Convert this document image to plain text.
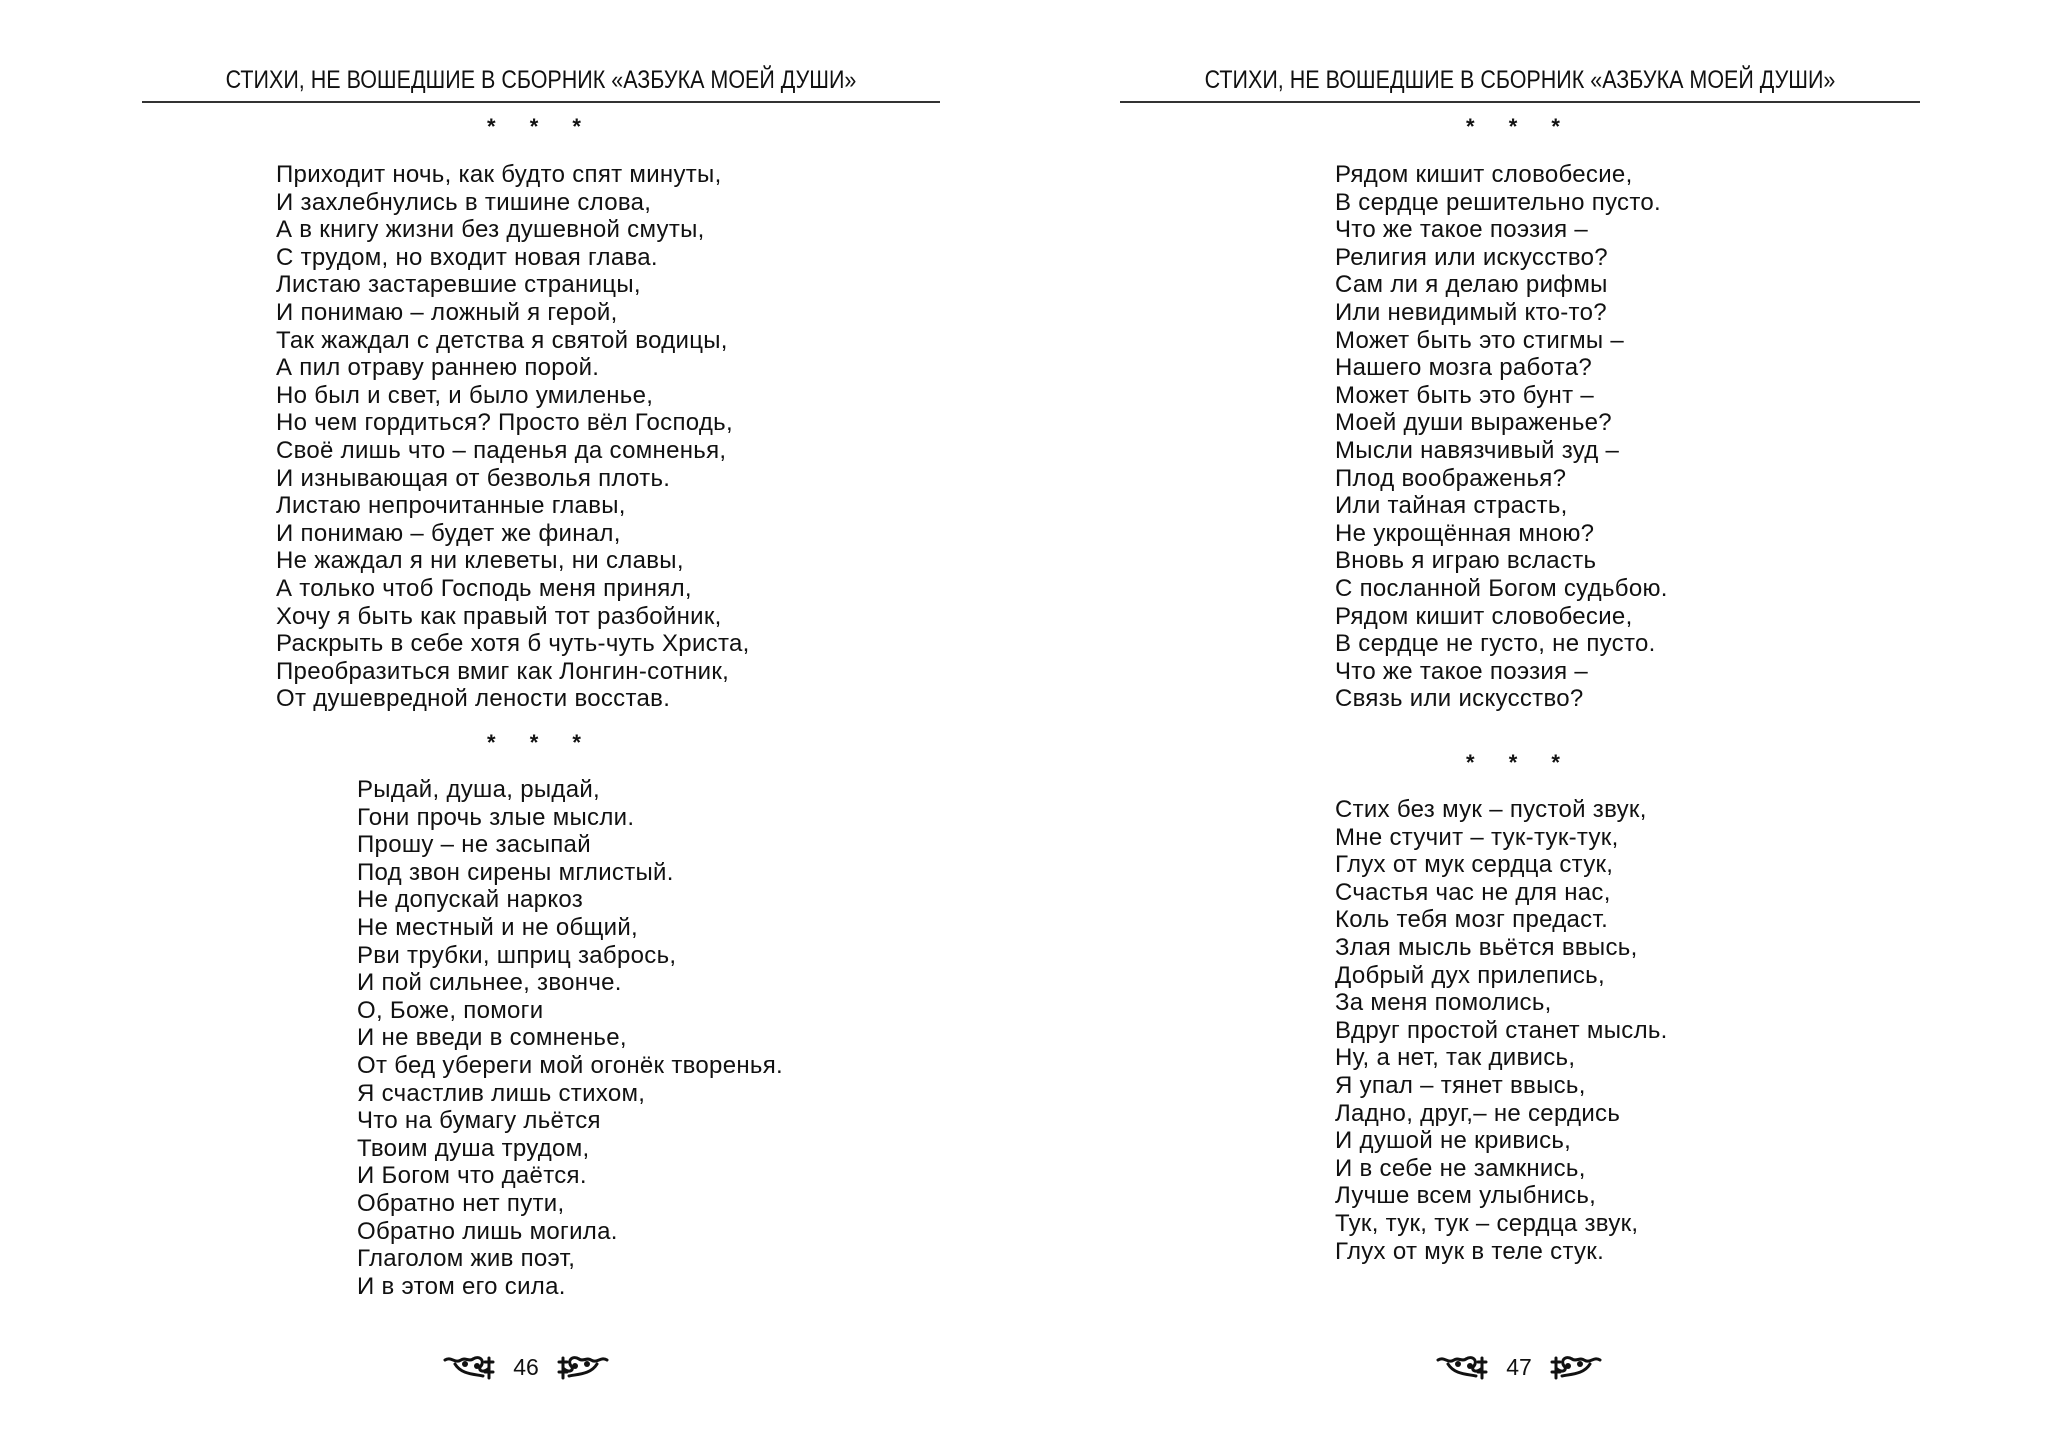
СТИХИ, НЕ ВОШЕДШИЕ В СБОРНИК «АЗБУКА МОЕЙ ДУШИ»
* * *
Приходит ночь, как будто спят минуты,
И захлебнулись в тишине слова,
А в книгу жизни без душевной смуты,
С трудом, но входит новая глава.
Листаю застаревшие страницы,
И понимаю – ложный я герой,
Так жаждал с детства я святой водицы,
А пил отраву раннею порой.
Но был и свет, и было умиленье,
Но чем гордиться? Просто вёл Господь,
Своё лишь что – паденья да сомненья,
И изнывающая от безволья плоть.
Листаю непрочитанные главы,
И понимаю – будет же финал,
Не жаждал я ни клеветы, ни славы,
А только чтоб Господь меня принял,
Хочу я быть как правый тот разбойник,
Раскрыть в себе хотя б чуть-чуть Христа,
Преобразиться вмиг как Лонгин-сотник,
От душевредной лености восстав.
* * *
Рыдай, душа, рыдай,
Гони прочь злые мысли.
Прошу – не засыпай
Под звон сирены мглистый.
Не допускай наркоз
Не местный и не общий,
Рви трубки, шприц забрось,
И пой сильнее, звонче.
О, Боже, помоги
И не введи в сомненье,
От бед убереги мой огонёк творенья.
Я счастлив лишь стихом,
Что на бумагу льётся
Твоим душа трудом,
И Богом что даётся.
Обратно нет пути,
Обратно лишь могила.
Глаголом жив поэт,
И в этом его сила.
46
СТИХИ, НЕ ВОШЕДШИЕ В СБОРНИК «АЗБУКА МОЕЙ ДУШИ»
* * *
Рядом кишит словобесие,
В сердце решительно пусто.
Что же такое поэзия –
Религия или искусство?
Сам ли я делаю рифмы
Или невидимый кто-то?
Может быть это стигмы –
Нашего мозга работа?
Может быть это бунт –
Моей души выраженье?
Мысли навязчивый зуд –
Плод воображенья?
Или тайная страсть,
Не укрощённая мною?
Вновь я играю всласть
С посланной Богом судьбою.
Рядом кишит словобесие,
В сердце не густо, не пусто.
Что же такое поэзия –
Связь или искусство?
* * *
Стих без мук – пустой звук,
Мне стучит – тук-тук-тук,
Глух от мук сердца стук,
Счастья час не для нас,
Коль тебя мозг предаст.
Злая мысль вьётся ввысь,
Добрый дух прилепись,
За меня помолись,
Вдруг простой станет мысль.
Ну, а нет, так дивись,
Я упал – тянет ввысь,
Ладно, друг,– не сердись
И душой не кривись,
И в себе не замкнись,
Лучше всем улыбнись,
Тук, тук, тук – сердца звук,
Глух от мук в теле стук.
47
